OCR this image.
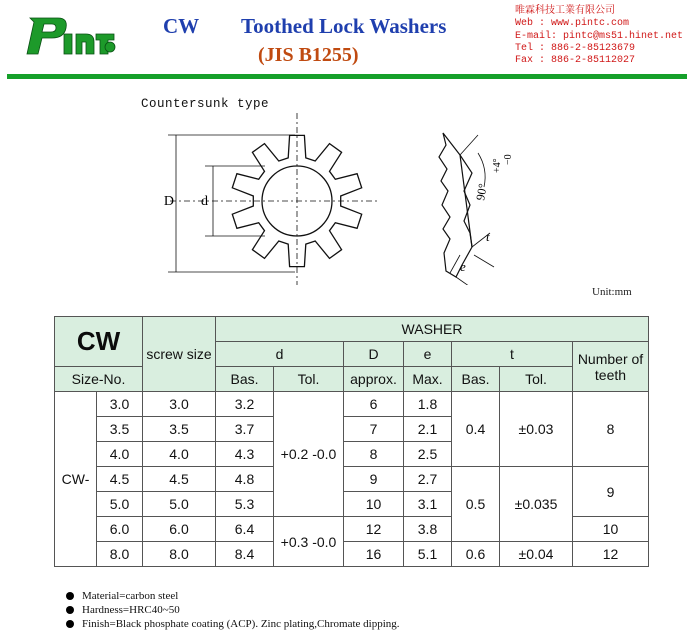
CW Toothed Lock Washers
(JIS B1255)
唯霖科技工業有限公司
Web : www.pintc.com
E-mail: pintc@ms51.hinet.net
Tel : 886-2-85123679
Fax : 886-2-85112027
Countersunk type
D d	90°
+4° −0
t
e
Unit:mm
CW		screw size	WASHER						
			d		D	e	t		Number of teeth
Size-No.			Bas.	Tol.	approx.	Max.	Bas.	Tol.	
CW-	3.0	3.0	3.2	+0.2 -0.0	6	1.8	0.4	±0.03	8
	3.5	3.5	3.7		7	2.1			
	4.0	4.0	4.3		8	2.5			
	4.5	4.5	4.8		9	2.7	0.5	±0.035	9
	5.0	5.0	5.3		10	3.1			
	6.0	6.0	6.4	+0.3 -0.0	12	3.8			10
	8.0	8.0	8.4		16	5.1	0.6	±0.04	12
Material=carbon steel
Hardness=HRC40~50
Finish=Black phosphate coating (ACP). Zinc plating,Chromate dipping.
